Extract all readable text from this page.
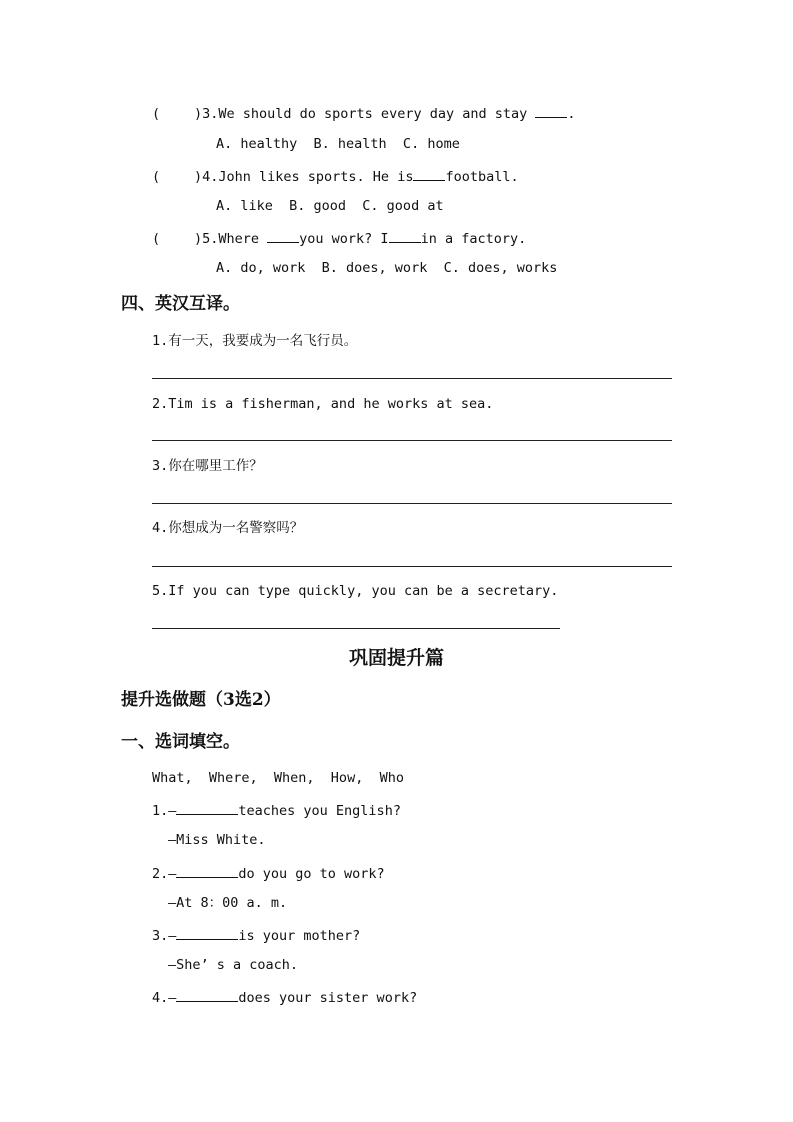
(	)3.We should do sports every day and stay .
A. healthy  B. health  C. home
(	)4.John likes sports. He is football.
A. like  B. good  C. good at
(	)5.Where you work? I in a factory.
A. do, work  B. does, work  C. does, works
四、英汉互译。
1.有一天，我要成为一名飞行员。
2.Tim is a fisherman, and he works at sea.
3.你在哪里工作？
4.你想成为一名警察吗？
5.If you can type quickly, you can be a secretary.
巩固提升篇
提升选做题（3选2）
一、选词填空。
What,  Where,  When,  How,  Who
1.—	teaches you English?
—Miss White.
2.—	do you go to work?
—At 8：00 a. m.
3.—	is your mother?
—She’ s a coach.
4.—	does your sister work?
